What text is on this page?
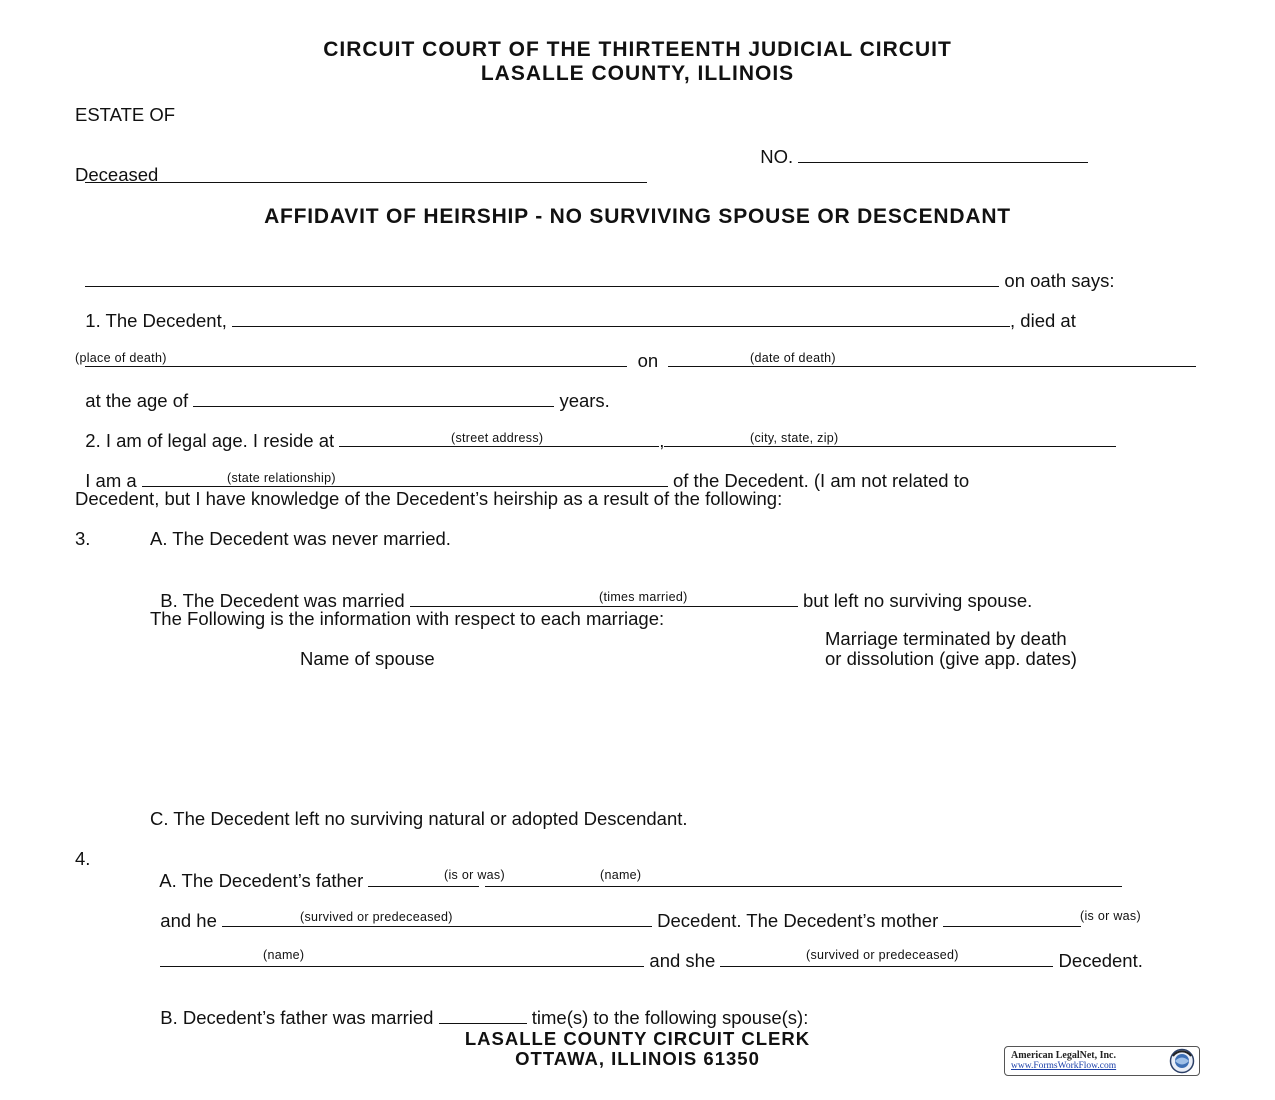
CIRCUIT COURT OF THE THIRTEENTH JUDICIAL CIRCUIT
LASALLE COUNTY, ILLINOIS
ESTATE OF

NO.

Deceased
AFFIDAVIT OF HEIRSHIP - NO SURVIVING SPOUSE OR DESCENDANT

on oath says:

1. The Decedent,	, died at

on

(place of death)	(date of death)

at the age of	years.

2. I am of legal age. I reside at	,

(street address)	(city, state, zip)

I am a	of the Decedent. (I am not related to

(state relationship)
Decedent, but I have knowledge of the Decedent’s heirship as a result of the following:
3.	A. The Decedent was never married.

B. The Decedent was married	but left no surviving spouse.

(times married)
The Following is the information with respect to each marriage:
Marriage terminated by death
Name of spouse	or dissolution (give app. dates)
C. The Decedent left no surviving natural or adopted Descendant.
4.

A. The Decedent’s father	(is or was)	(name)

and he	Decedent. The Decedent’s mother

(survived or predeceased)	(is or was)

and she	Decedent.

(name)	(survived or predeceased)

B. Decedent’s father was married	time(s) to the following spouse(s):

LASALLE COUNTY CIRCUIT CLERK
OTTAWA, ILLINOIS 61350	American LegalNet, Inc.
www.FormsWorkFlow.com
